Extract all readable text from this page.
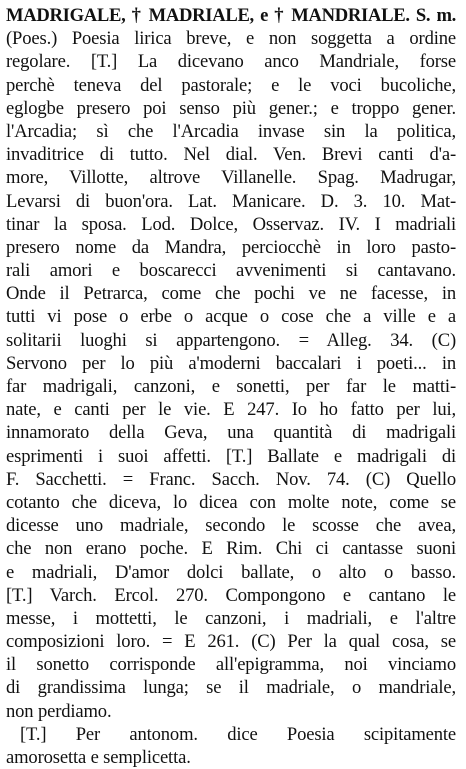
MADRIGALE, † MADRIALE, e † MANDRIALE. S. m.
(Poes.) Poesia lirica breve, e non soggetta a ordine
regolare. [T.] La dicevano anco Mandriale, forse
perchè teneva del pastorale; e le voci bucoliche,
eglogbe presero poi senso più gener.; e troppo gener.
l'Arcadia; sì che l'Arcadia invase sin la politica,
invaditrice di tutto. Nel dial. Ven. Brevi canti d'a-
more, Villotte, altrove Villanelle. Spag. Madrugar,
Levarsi di buon'ora. Lat. Manicare. D. 3. 10. Mat-
tinar la sposa. Lod. Dolce, Osservaz. IV. I madriali
presero nome da Mandra, perciocchè in loro pasto-
rali amori e boscarecci avvenimenti si cantavano.
Onde il Petrarca, come che pochi ve ne facesse, in
tutti vi pose o erbe o acque o cose che a ville e a
solitarii luoghi si appartengono. = Alleg. 34. (C)
Servono per lo più a'moderni baccalari i poeti... in
far madrigali, canzoni, e sonetti, per far le matti-
nate, e canti per le vie. E 247. Io ho fatto per lui,
innamorato della Geva, una quantità di madrigali
esprimenti i suoi affetti. [T.] Ballate e madrigali di
F. Sacchetti. = Franc. Sacch. Nov. 74. (C) Quello
cotanto che diceva, lo dicea con molte note, come se
dicesse uno madriale, secondo le scosse che avea,
che non erano poche. E Rim. Chi ci cantasse suoni
e madriali, D'amor dolci ballate, o alto o basso.
[T.] Varch. Ercol. 270. Compongono e cantano le
messe, i mottetti, le canzoni, i madriali, e l'altre
composizioni loro. = E 261. (C) Per la qual cosa, se
il sonetto corrisponde all'epigramma, noi vinciamo
di grandissima lunga; se il madriale, o mandriale,
non perdiamo.
[T.] Per antonom. dice Poesia scipitamente
amorosetta e semplicetta.
